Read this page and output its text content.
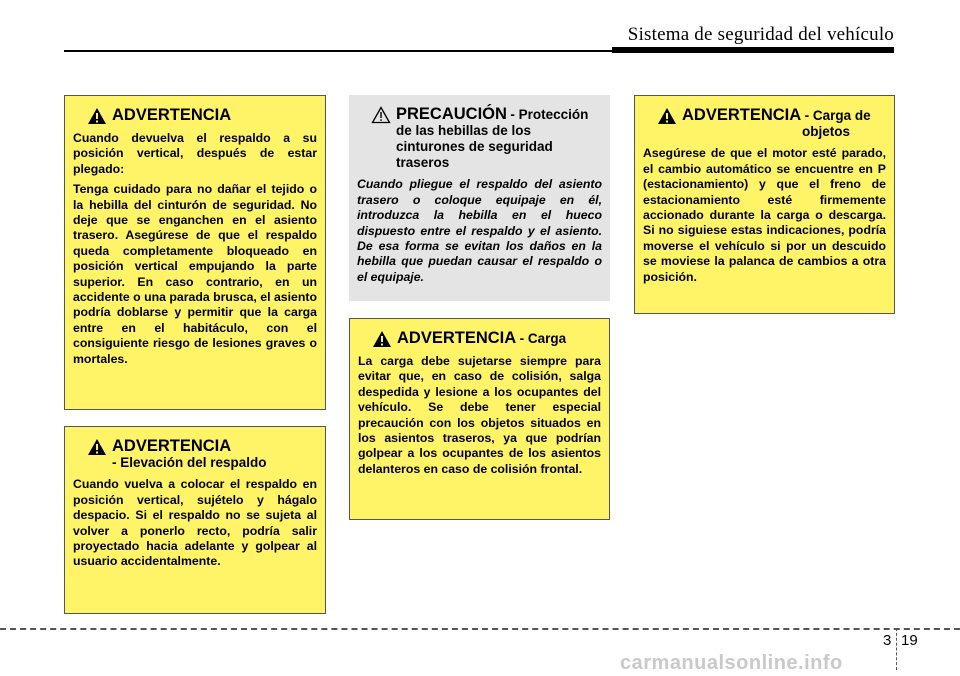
Sistema de seguridad del vehículo
ADVERTENCIA

Cuando devuelva el respaldo a su posición vertical, después de estar plegado:

Tenga cuidado para no dañar el tejido o la hebilla del cinturón de seguridad. No deje que se enganchen en el asiento trasero. Asegúrese de que el respaldo queda completamente bloqueado en posición vertical empujando la parte superior. En caso contrario, en un accidente o una parada brusca, el asiento podría doblarse y permitir que la carga entre en el habitáculo, con el consiguiente riesgo de lesiones graves o mortales.

ADVERTENCIA
- Elevación del respaldo

Cuando vuelva a colocar el respaldo en posición vertical, sujételo y hágalo despacio. Si el respaldo no se sujeta al volver a ponerlo recto, podría salir proyectado hacia adelante y golpear al usuario accidentalmente.

PRECAUCIÓN - Protección
de las hebillas de los cinturones de seguridad traseros

Cuando pliegue el respaldo del asiento trasero o coloque equipaje en él, introduzca la hebilla en el hueco dispuesto entre el respaldo y el asiento. De esa forma se evitan los daños en la hebilla que puedan causar el respaldo o el equipaje.

ADVERTENCIA - Carga

La carga debe sujetarse siempre para evitar que, en caso de colisión, salga despedida y lesione a los ocupantes del vehículo. Se debe tener especial precaución con los objetos situados en los asientos traseros, ya que podrían golpear a los ocupantes de los asientos delanteros en caso de colisión frontal.

ADVERTENCIA - Carga de
objetos

Asegúrese de que el motor esté parado, el cambio automático se encuentre en P (estacionamiento) y que el freno de estacionamiento esté firmemente accionado durante la carga o descarga. Si no siguiese estas indicaciones, podría moverse el vehículo si por un descuido se moviese la palanca de cambios a otra posición.

3 19
carmanualsonline.info
